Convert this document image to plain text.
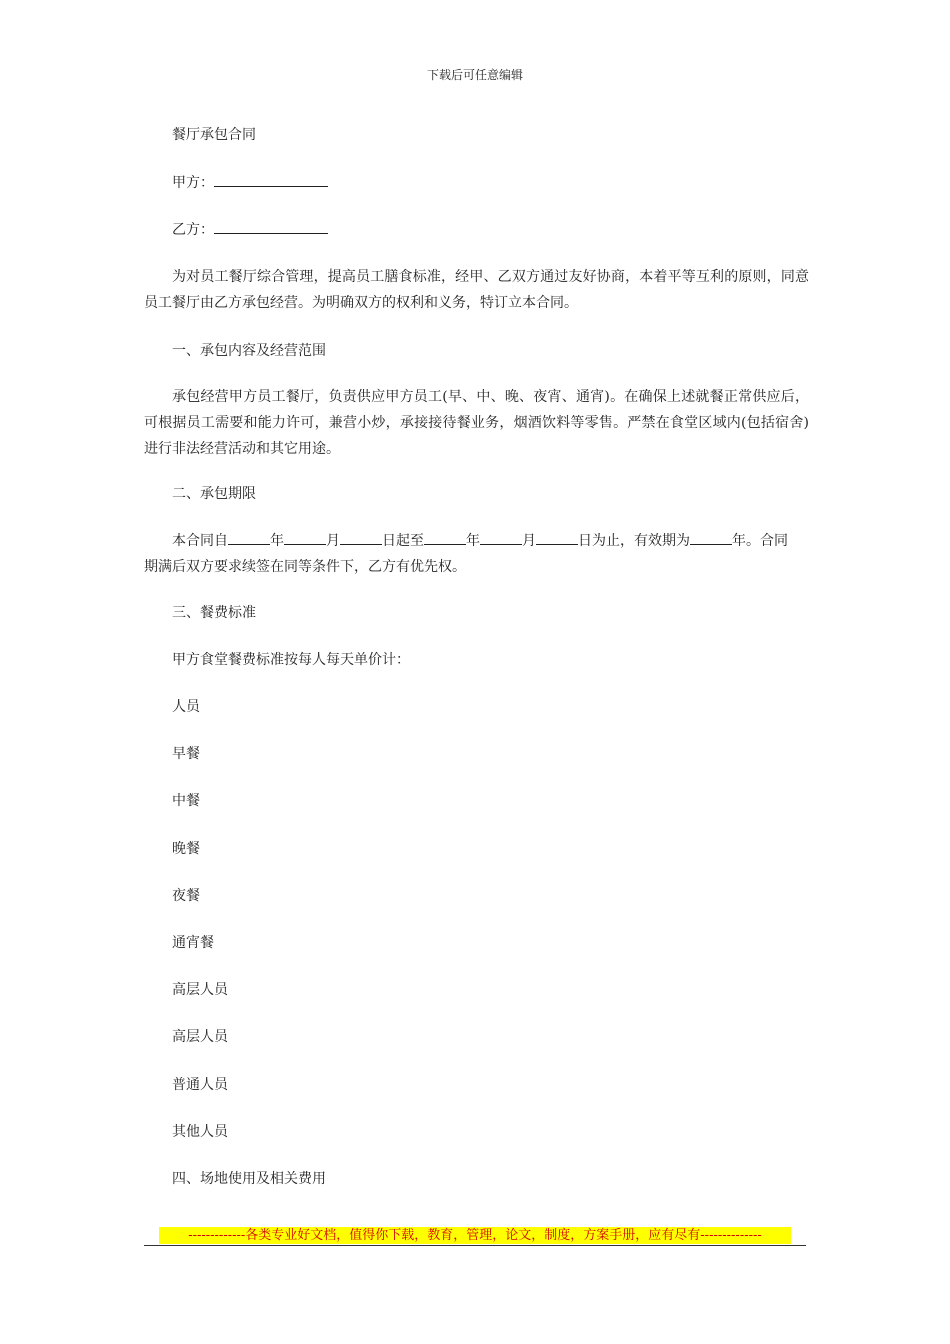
下载后可任意编辑
餐厅承包合同
甲方：
乙方：
为对员工餐厅综合管理，提高员工膳食标准，经甲、乙双方通过友好协商，本着平等互利的原则，同意员工餐厅由乙方承包经营。为明确双方的权利和义务，特订立本合同。
一、承包内容及经营范围
承包经营甲方员工餐厅，负责供应甲方员工(早、中、晚、夜宵、通宵)。在确保上述就餐正常供应后，可根据员工需要和能力许可，兼营小炒，承接接待餐业务，烟酒饮料等零售。严禁在食堂区域内(包括宿舍)进行非法经营活动和其它用途。
二、承包期限
本合同自	年	月	日起至	年	月	日为止，有效期为	年。合同
期满后双方要求续签在同等条件下，乙方有优先权。
三、餐费标准
甲方食堂餐费标准按每人每天单价计：
人员
早餐
中餐
晚餐
夜餐
通宵餐
高层人员
高层人员
普通人员
其他人员
四、场地使用及相关费用
-------------各类专业好文档，值得你下载，教育，管理，论文，制度，方案手册，应有尽有--------------
